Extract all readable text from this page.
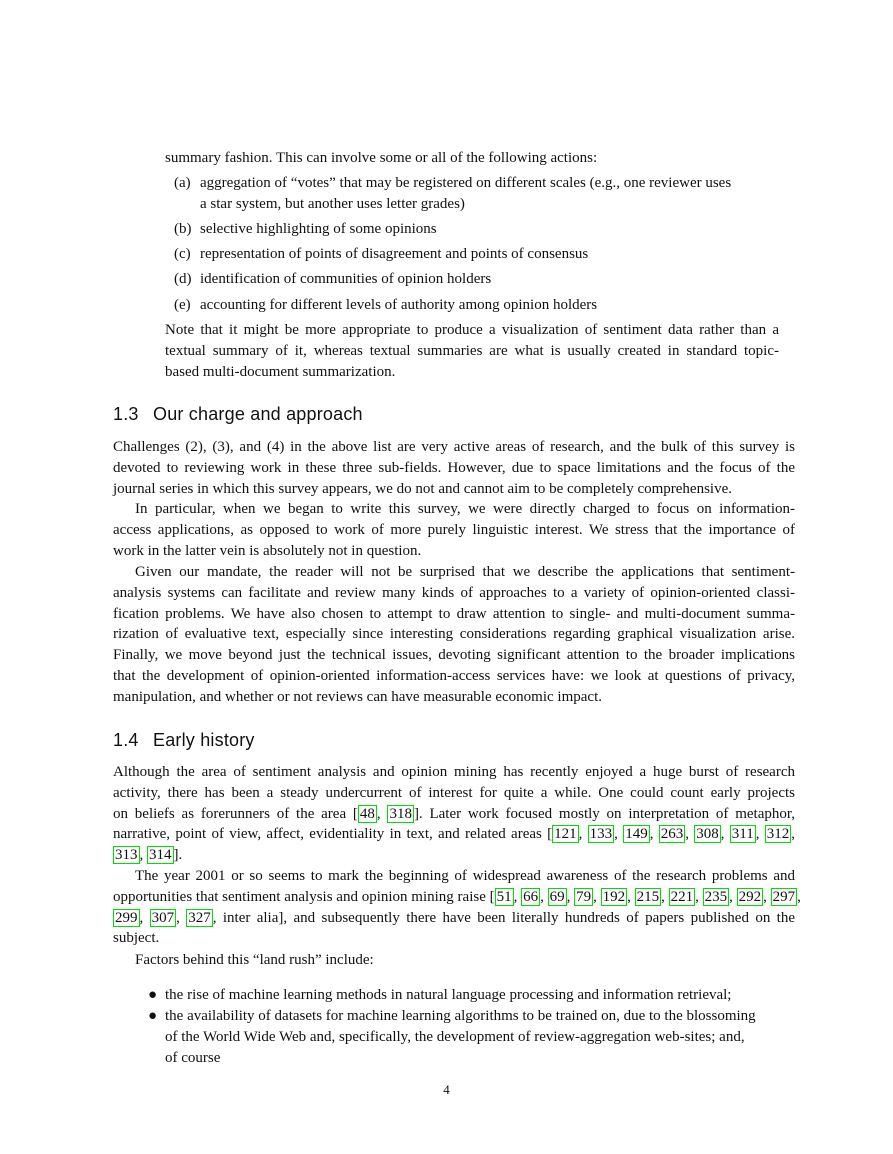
summary fashion. This can involve some or all of the following actions:
(a) aggregation of “votes” that may be registered on different scales (e.g., one reviewer uses
a star system, but another uses letter grades)
(b) selective highlighting of some opinions
(c) representation of points of disagreement and points of consensus
(d) identification of communities of opinion holders
(e) accounting for different levels of authority among opinion holders
Note that it might be more appropriate to produce a visualization of sentiment data rather than a
textual summary of it, whereas textual summaries are what is usually created in standard topic-
based multi-document summarization.
1.3 Our charge and approach
Challenges (2), (3), and (4) in the above list are very active areas of research, and the bulk of this survey is
devoted to reviewing work in these three sub-fields. However, due to space limitations and the focus of the
journal series in which this survey appears, we do not and cannot aim to be completely comprehensive.
In particular, when we began to write this survey, we were directly charged to focus on information-
access applications, as opposed to work of more purely linguistic interest. We stress that the importance of
work in the latter vein is absolutely not in question.
Given our mandate, the reader will not be surprised that we describe the applications that sentiment-
analysis systems can facilitate and review many kinds of approaches to a variety of opinion-oriented classi-
fication problems. We have also chosen to attempt to draw attention to single- and multi-document summa-
rization of evaluative text, especially since interesting considerations regarding graphical visualization arise.
Finally, we move beyond just the technical issues, devoting significant attention to the broader implications
that the development of opinion-oriented information-access services have: we look at questions of privacy,
manipulation, and whether or not reviews can have measurable economic impact.
1.4 Early history
Although the area of sentiment analysis and opinion mining has recently enjoyed a huge burst of research
activity, there has been a steady undercurrent of interest for quite a while. One could count early projects
on beliefs as forerunners of the area [ 48 , 318 ]. Later work focused mostly on interpretation of metaphor,
narrative, point of view, affect, evidentiality in text, and related areas [ 121 , 133 , 149 , 263 , 308 , 311 , 312 ,
313 , 314 ].
The year 2001 or so seems to mark the beginning of widespread awareness of the research problems and
opportunities that sentiment analysis and opinion mining raise [ 51 , 66 , 69 , 79 , 192 , 215 , 221 , 235 , 292 , 297 ,
299 , 307 , 327 , inter alia], and subsequently there have been literally hundreds of papers published on the
subject.
Factors behind this “land rush” include:
● the rise of machine learning methods in natural language processing and information retrieval;
● the availability of datasets for machine learning algorithms to be trained on, due to the blossoming
of the World Wide Web and, specifically, the development of review-aggregation web-sites; and,
of course
4
